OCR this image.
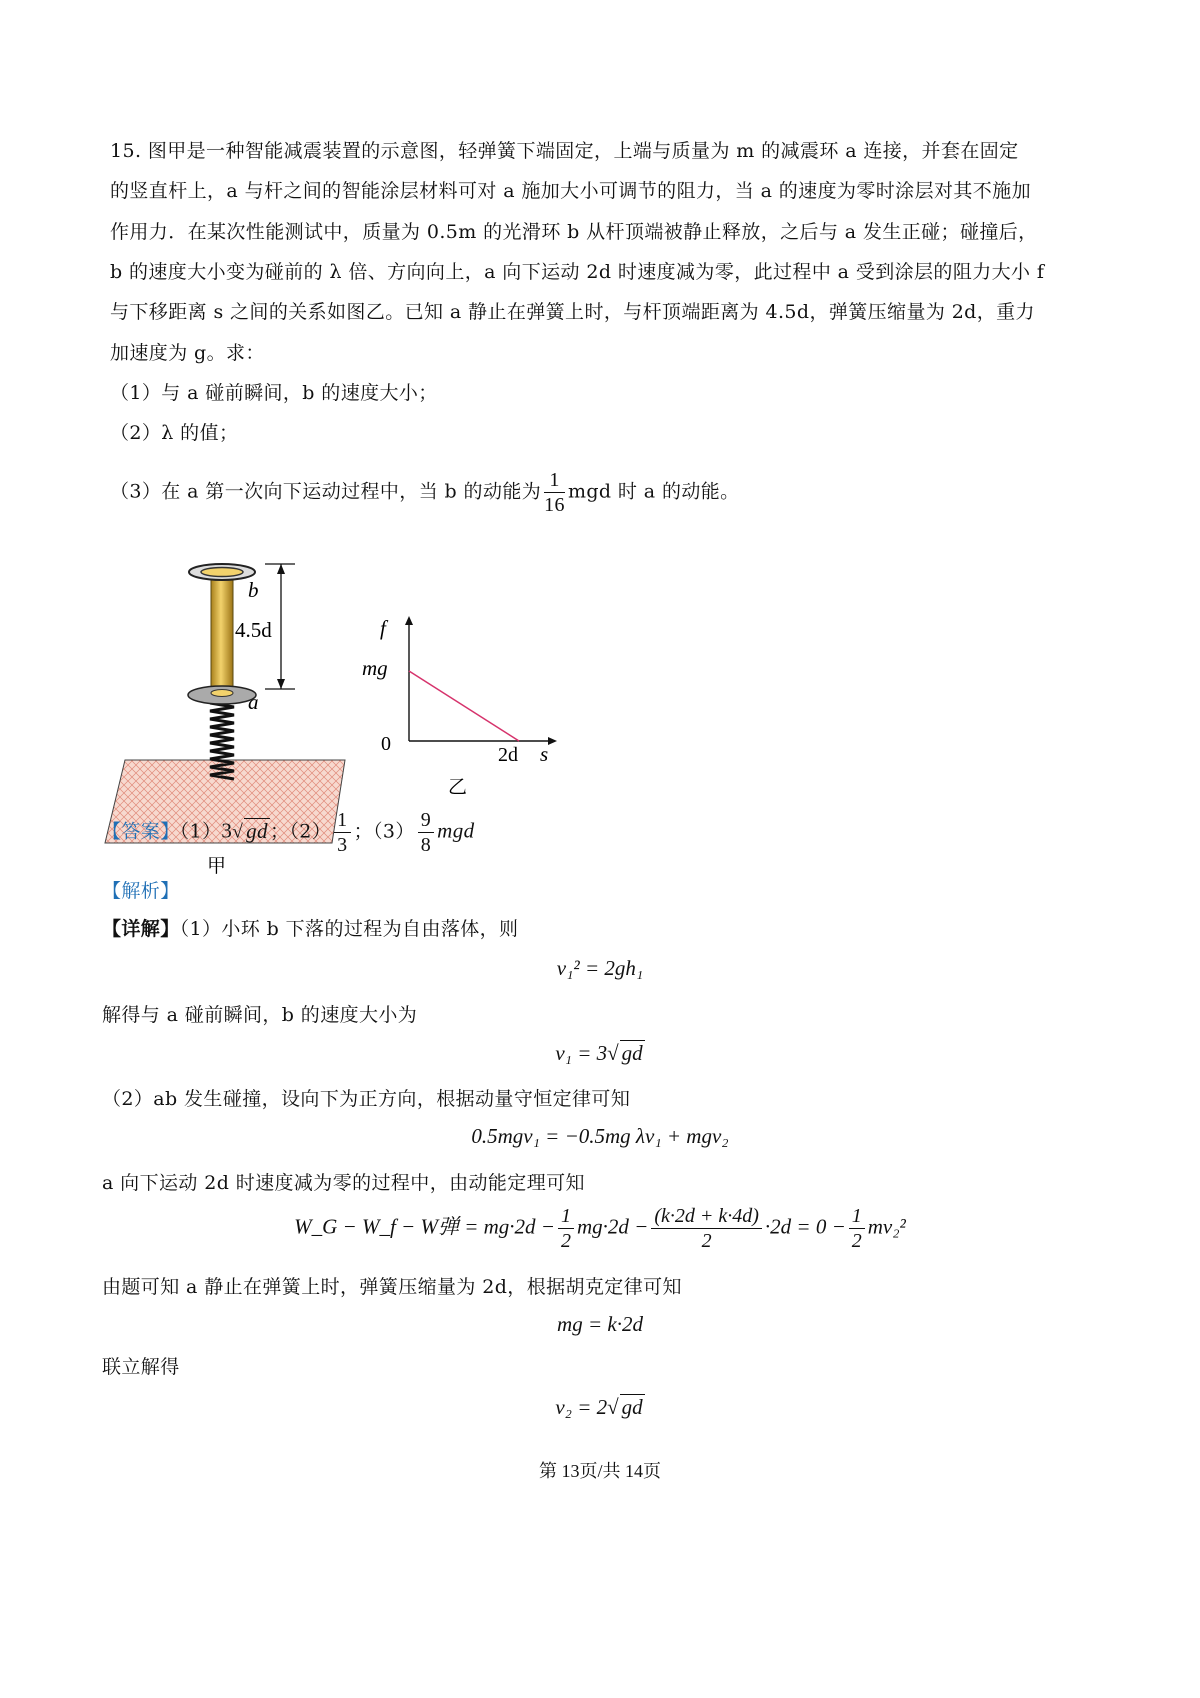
15. 图甲是一种智能减震装置的示意图，轻弹簧下端固定，上端与质量为 m 的减震环 a 连接，并套在固定
的竖直杆上，a 与杆之间的智能涂层材料可对 a 施加大小可调节的阻力，当 a 的速度为零时涂层对其不施加
作用力．在某次性能测试中，质量为 0.5m 的光滑环 b 从杆顶端被静止释放，之后与 a 发生正碰；碰撞后，
b 的速度大小变为碰前的 λ 倍、方向向上，a 向下运动 2d 时速度减为零，此过程中 a 受到涂层的阻力大小 f
与下移距离 s 之间的关系如图乙。已知 a 静止在弹簧上时，与杆顶端距离为 4.5d，弹簧压缩量为 2d，重力
加速度为 g。求：
（1）与 a 碰前瞬间，b 的速度大小；
（2）λ 的值；
（3）在 a 第一次向下运动过程中，当 b 的动能为 $\frac{1}{16}$ mgd 时 a 的动能。
b
4.5d
a
甲
f
mg
0	2d s
乙
【答案】（1）3√ gd ；$(2) \frac{1}{3}$ ；$(3) \frac{9}{8}$ mgd
【解析】
【详解】（1）小环 b 下落的过程为自由落体，则
v₁² = 2gh₁
解得与 a 碰前瞬间，b 的速度大小为
v₁ = 3√ gd
（2）ab 发生碰撞，设向下为正方向，根据动量守恒定律可知
0.5mgv₁ = −0.5mg λv₁ + mgv₂
a 向下运动 2d 时速度减为零的过程中，由动能定理可知
W_G − W_f − W弹 = $mg\cdot 2d - \frac{1}{2} mg\cdot 2d - \frac{(k\cdot 2d + k\cdot 4d)}{2} \cdot 2d = 0 - \frac{1}{2} mv_2^2$
由题可知 a 静止在弹簧上时，弹簧压缩量为 2d，根据胡克定律可知
mg = k·2d
联立解得
v₂ = 2√ gd
第 13页/共 14页
